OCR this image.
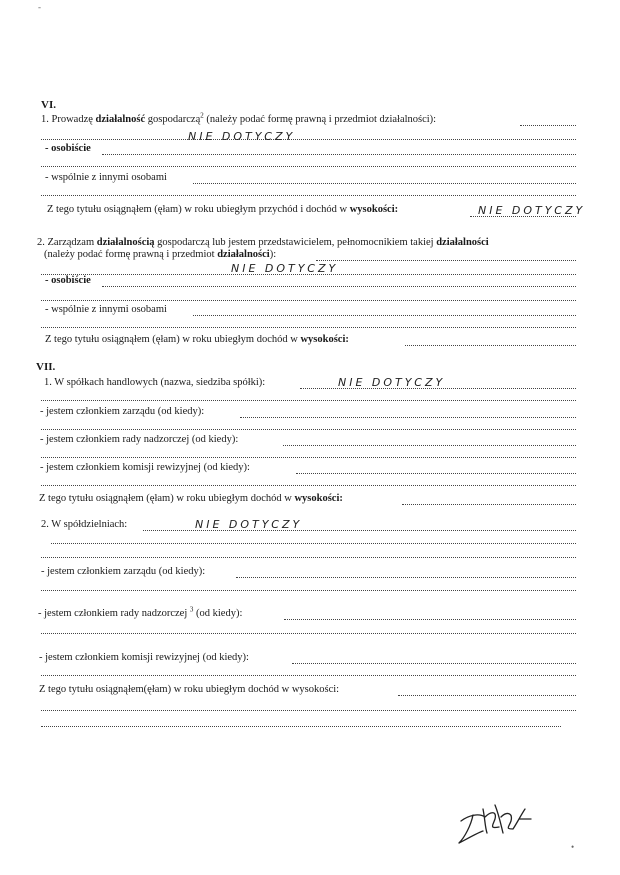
-
VI.
1. Prowadzę działalność gospodarczą$^2$ (należy podać formę prawną i przedmiot działalności):
NIE DOTYCZY
- osobiście
- wspólnie z innymi osobami
Z tego tytułu osiągnąłem (ęłam) w roku ubiegłym przychód i dochód w wysokości:	NIE DOTYCZY
2. Zarządzam działalnością gospodarczą lub jestem przedstawicielem, pełnomocnikiem takiej działalności
(należy podać formę prawną i przedmiot działalności):
NIE DOTYCZY
- osobiście
- wspólnie z innymi osobami
Z tego tytułu osiągnąłem (ęłam) w roku ubiegłym dochód w wysokości:
VII.
1. W spółkach handlowych (nazwa, siedziba spółki):	NIE DOTYCZY
- jestem członkiem zarządu (od kiedy):
- jestem członkiem rady nadzorczej (od kiedy):
- jestem członkiem komisji rewizyjnej (od kiedy):
Z tego tytułu osiągnąłem (ęłam) w roku ubiegłym dochód w wysokości:
2. W spółdzielniach:	NIE DOTYCZY
- jestem członkiem zarządu (od kiedy):
- jestem członkiem rady nadzorczej $^3$ (od kiedy):
- jestem członkiem komisji rewizyjnej (od kiedy):
Z tego tytułu osiągnąłem(ęłam) w roku ubiegłym dochód w wysokości:
•
